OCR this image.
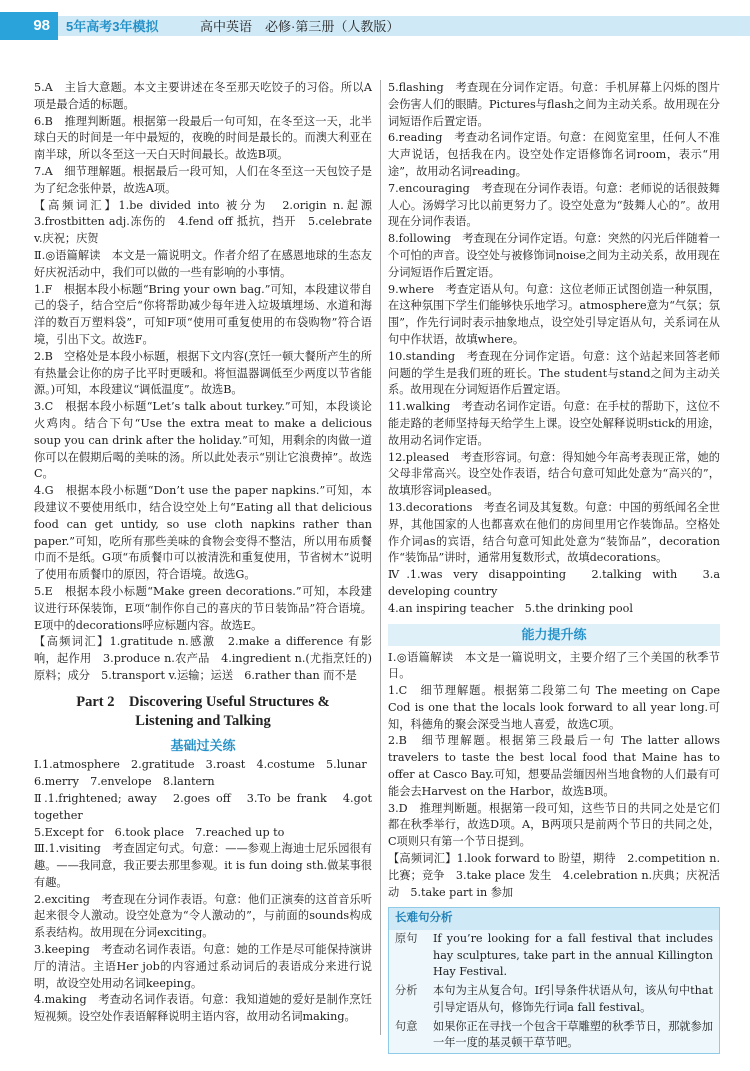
98	5年高考3年模拟	高中英语　必修·第三册（人教版）

5.A　主旨大意题。本文主要讲述在冬至那天吃饺子的习俗。所以A项是最合适的标题。

6.B　推理判断题。根据第一段最后一句可知，在冬至这一天，北半球白天的时间是一年中最短的，夜晚的时间是最长的。而澳大利亚在南半球，所以冬至这一天白天时间最长。故选B项。

7.A　细节理解题。根据最后一段可知，人们在冬至这一天包饺子是为了纪念张仲景，故选A项。

【高频词汇】1.be divided into 被分为　2.origin n.起源　3.frostbitten adj.冻伤的　4.fend off 抵抗，挡开　5.celebrate v.庆祝；庆贺

Ⅱ.◎语篇解读　本文是一篇说明文。作者介绍了在感恩地球的生态友好庆祝活动中，我们可以做的一些有影响的小事情。

1.F　根据本段小标题“Bring your own bag.”可知，本段建议带自己的袋子，结合空后“你将帮助减少每年进入垃圾填埋场、水道和海洋的数百万塑料袋”，可知F项“使用可重复使用的布袋购物”符合语境，引出下文。故选F。

2.B　空格处是本段小标题，根据下文内容(烹饪一顿大餐所产生的所有热量会让你的房子比平时更暖和。将恒温器调低至少两度以节省能源。)可知，本段建议“调低温度”。故选B。

3.C　根据本段小标题“Let’s talk about turkey.”可知，本段谈论火鸡肉。结合下句“Use the extra meat to make a delicious soup you can drink after the holiday.”可知，用剩余的肉做一道你可以在假期后喝的美味的汤。所以此处表示“别让它浪费掉”。故选C。

4.G　根据本段小标题“Don’t use the paper napkins.”可知，本段建议不要使用纸巾，结合设空处上句“Eating all that delicious food can get untidy, so use cloth napkins rather than paper.”可知，吃所有那些美味的食物会变得不整洁，所以用布质餐巾而不是纸。G项“布质餐巾可以被清洗和重复使用，节省树木”说明了使用布质餐巾的原因，符合语境。故选G。

5.E　根据本段小标题“Make green decorations.”可知，本段建议进行环保装饰，E项“制作你自己的喜庆的节日装饰品”符合语境。E项中的decorations呼应标题内容。故选E。

【高频词汇】1.gratitude n.感激　2.make a difference 有影响，起作用　3.produce n.农产品　4.ingredient n.(尤指烹饪的)原料；成分　5.transport v.运输；运送　6.rather than 而不是

Part 2　Discovering Useful Structures &
Listening and Talking
基础过关练

Ⅰ.1.atmosphere　2.gratitude　3.roast　4.costume　5.lunar

6.merry　7.envelope　8.lantern

Ⅱ.1.frightened; away　2.goes off　3.To be frank　4.got together

5.Except for　6.took place　7.reached up to

Ⅲ.1.visiting　考查固定句式。句意：——参观上海迪士尼乐园很有趣。——我同意，我正要去那里参观。it is fun doing sth.做某事很有趣。

2.exciting　考查现在分词作表语。句意：他们正演奏的这首音乐听起来很令人激动。设空处意为“令人激动的”，与前面的sounds构成系表结构。故用现在分词exciting。

3.keeping　考查动名词作表语。句意：她的工作是尽可能保持演讲厅的清洁。主语Her job的内容通过系动词后的表语成分来进行说明，故设空处用动名词keeping。

4.making　考查动名词作表语。句意：我知道她的爱好是制作烹饪短视频。设空处作表语解释说明主语内容，故用动名词making。

5.flashing　考查现在分词作定语。句意：手机屏幕上闪烁的图片会伤害人们的眼睛。Pictures与flash之间为主动关系。故用现在分词短语作后置定语。

6.reading　考查动名词作定语。句意：在阅览室里，任何人不准大声说话，包括我在内。设空处作定语修饰名词room，表示“用途”，故用动名词reading。

7.encouraging　考查现在分词作表语。句意：老师说的话很鼓舞人心。汤姆学习比以前更努力了。设空处意为“鼓舞人心的”。故用现在分词作表语。

8.following　考查现在分词作定语。句意：突然的闪光后伴随着一个可怕的声音。设空处与被修饰词noise之间为主动关系，故用现在分词短语作后置定语。

9.where　考查定语从句。句意：这位老师正试图创造一种氛围，在这种氛围下学生们能够快乐地学习。atmosphere意为“气氛；氛围”，作先行词时表示抽象地点，设空处引导定语从句，关系词在从句中作状语，故填where。

10.standing　考查现在分词作定语。句意：这个站起来回答老师问题的学生是我们班的班长。The student与stand之间为主动关系。故用现在分词短语作后置定语。

11.walking　考查动名词作定语。句意：在手杖的帮助下，这位不能走路的老师坚持每天给学生上课。设空处解释说明stick的用途，故用动名词作定语。

12.pleased　考查形容词。句意：得知她今年高考表现正常，她的父母非常高兴。设空处作表语，结合句意可知此处意为“高兴的”，故填形容词pleased。

13.decorations　考查名词及其复数。句意：中国的剪纸闻名全世界，其他国家的人也都喜欢在他们的房间里用它作装饰品。空格处作介词as的宾语，结合句意可知此处意为“装饰品”，decoration作“装饰品”讲时，通常用复数形式，故填decorations。

Ⅳ.1.was very disappointing　2.talking with　3.a developing country

4.an inspiring teacher　5.the drinking pool

能力提升练

Ⅰ.◎语篇解读　本文是一篇说明文，主要介绍了三个美国的秋季节日。

1.C　细节理解题。根据第二段第二句 The meeting on Cape Cod is one that the locals look forward to all year long.可知，科德角的聚会深受当地人喜爱，故选C项。

2.B　细节理解题。根据第三段最后一句 The latter allows travelers to taste the best local food that Maine has to offer at Casco Bay.可知，想要品尝缅因州当地食物的人们最有可能会去Harvest on the Harbor，故选B项。

3.D　推理判断题。根据第一段可知，这些节日的共同之处是它们都在秋季举行，故选D项。A，B两项只是前两个节日的共同之处，C项则只有第一个节日提到。

【高频词汇】1.look forward to 盼望，期待　2.competition n.比赛；竞争　3.take place 发生　4.celebration n.庆典；庆祝活动　5.take part in 参加

长难句分析
原句	If you’re looking for a fall festival that includes hay sculptures, take part in the annual Killington Hay Festival.
分析	本句为主从复合句。If引导条件状语从句，该从句中that引导定语从句，修饰先行词a fall festival。
句意	如果你正在寻找一个包含干草雕塑的秋季节日，那就参加一年一度的基灵顿干草节吧。
